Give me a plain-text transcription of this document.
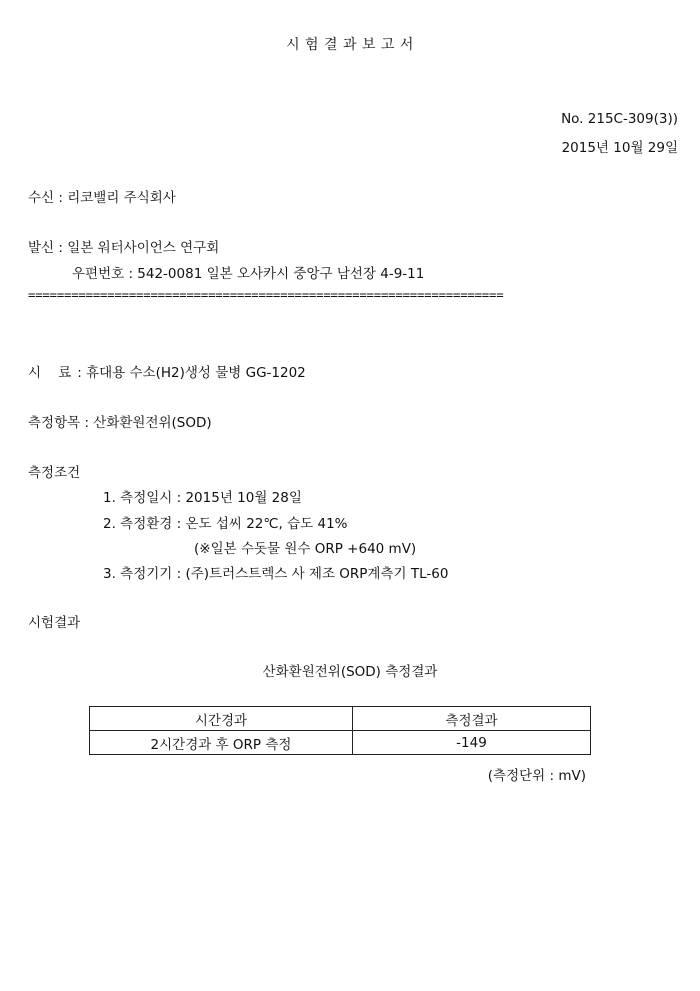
시 험 결 과 보 고 서
No. 215C-309(3))
2015년 10월 29일
수신 : 리코밸리 주식회사
발신 : 일본 워터사이언스 연구회
우편번호 : 542-0081 일본 오사카시 중앙구 남선장 4-9-11
==================================================================
시    료 : 휴대용 수소(H2)생성 물병 GG-1202
측정항목 : 산화환원전위(SOD)
측정조건
1. 측정일시 : 2015년 10월 28일
2. 측정환경 : 온도 섭씨 22℃, 습도 41%
(※일본 수돗물 원수 ORP +640 mV)
3. 측정기기 : (주)트러스트렉스 사 제조 ORP계측기 TL-60
시험결과
산화환원전위(SOD) 측정결과
시간경과	측정결과
2시간경과 후 ORP 측정	-149
(측정단위 : mV)
